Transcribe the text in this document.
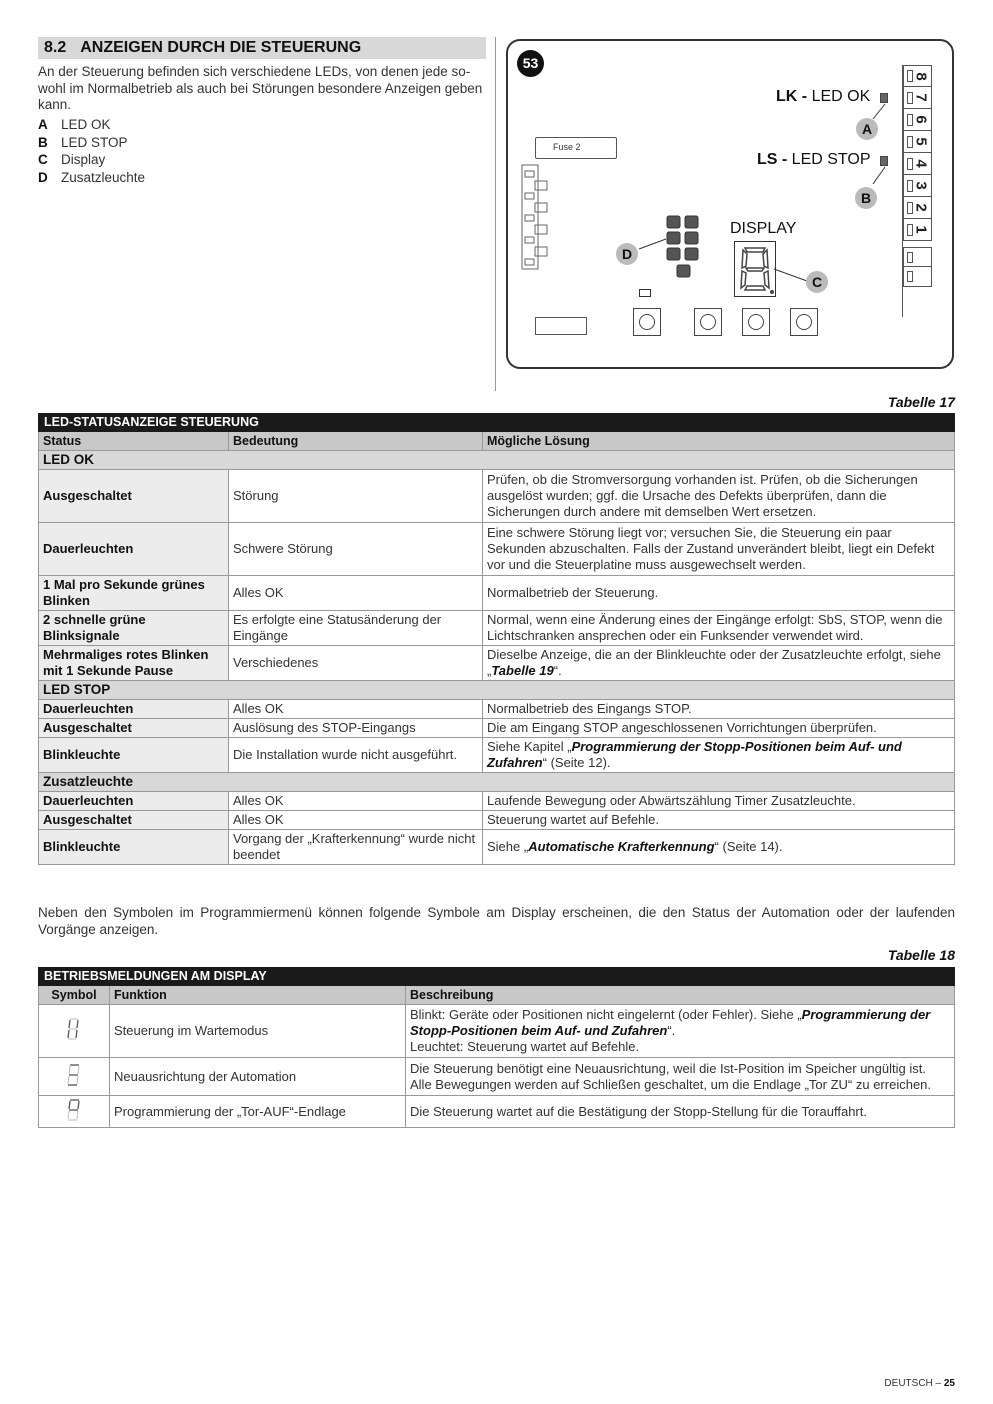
8.2 ANZEIGEN DURCH DIE STEUERUNG

An der Steuerung befinden sich verschiedene LEDs, von denen jede sowohl im Normalbetrieb als auch bei Störungen besondere Anzeigen geben kann.

A LED OK
B LED STOP
C Display
D Zusatzleuchte
53
Fuse 2
DISPLAY
LK - LED OK
LS - LED STOP
A
B
C
D
8
7
6
5
4
3
2
1
Tabelle 17
LED-STATUSANZEIGE STEUERUNG		
Status	Bedeutung	Mögliche Lösung
LED OK		
Ausgeschaltet	Störung	Prüfen, ob die Stromversorgung vorhanden ist. Prüfen, ob die Sicherungen ausgelöst wurden; ggf. die Ursache des Defekts überprüfen, dann die Sicherungen durch andere mit demselben Wert ersetzen.
Dauerleuchten	Schwere Störung	Eine schwere Störung liegt vor; versuchen Sie, die Steuerung ein paar Sekunden abzuschalten. Falls der Zustand unverändert bleibt, liegt ein Defekt vor und die Steuerplatine muss ausgewechselt werden.
1 Mal pro Sekunde grünes Blinken	Alles OK	Normalbetrieb der Steuerung.
2 schnelle grüne Blinksignale	Es erfolgte eine Statusänderung der Eingänge	Normal, wenn eine Änderung eines der Eingänge erfolgt: SbS, STOP, wenn die Lichtschranken ansprechen oder ein Funksender verwendet wird.
Mehrmaliges rotes Blinken mit 1 Sekunde Pause	Verschiedenes	Dieselbe Anzeige, die an der Blinkleuchte oder der Zusatzleuchte erfolgt, siehe „Tabelle 19“.
LED STOP		
Dauerleuchten	Alles OK	Normalbetrieb des Eingangs STOP.
Ausgeschaltet	Auslösung des STOP-Eingangs	Die am Eingang STOP angeschlossenen Vorrichtungen überprüfen.
Blinkleuchte	Die Installation wurde nicht ausgeführt.	Siehe Kapitel „Programmierung der Stopp-Positionen beim Auf- und Zufahren“ (Seite 12).
Zusatzleuchte		
Dauerleuchten	Alles OK	Laufende Bewegung oder Abwärtszählung Timer Zusatzleuchte.
Ausgeschaltet	Alles OK	Steuerung wartet auf Befehle.
Blinkleuchte	Vorgang der „Krafterkennung“ wurde nicht beendet	Siehe „Automatische Krafterkennung“ (Seite 14).

Neben den Symbolen im Programmiermenü können folgende Symbole am Display erscheinen, die den Status der Automation oder der laufenden Vorgänge anzeigen.

Tabelle 18
BETRIEBSMELDUNGEN AM DISPLAY		
Symbol	Funktion	Beschreibung
	Steuerung im Wartemodus	Blinkt: Geräte oder Positionen nicht eingelernt (oder Fehler). Siehe „Programmierung der Stopp-Positionen beim Auf- und Zufahren“.
Leuchtet: Steuerung wartet auf Befehle.
	Neuausrichtung der Automation	Die Steuerung benötigt eine Neuausrichtung, weil die Ist-Position im Speicher ungültig ist. Alle Bewegungen werden auf Schließen geschaltet, um die Endlage „Tor ZU“ zu erreichen.
	Programmierung der „Tor-AUF“-Endlage	Die Steuerung wartet auf die Bestätigung der Stopp-Stellung für die Torauffahrt.
DEUTSCH – 25
